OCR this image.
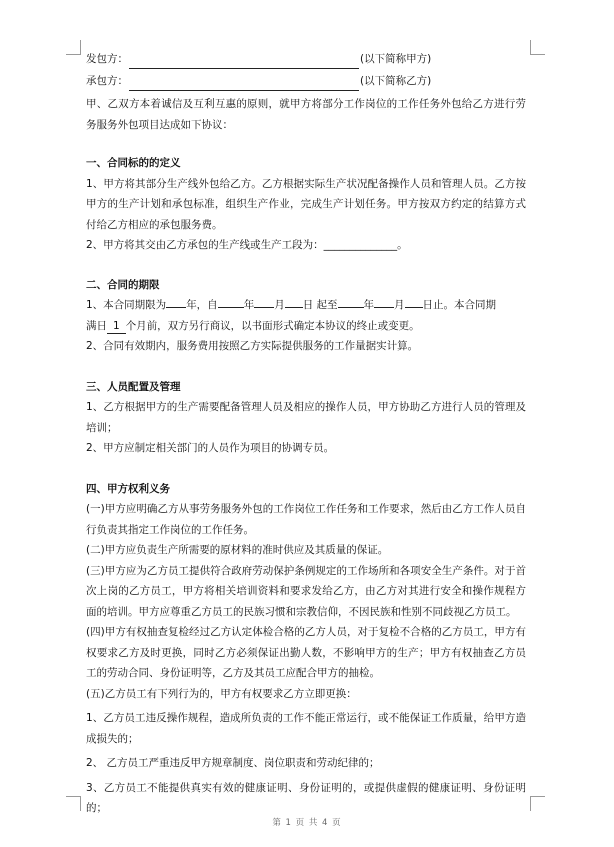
发包方：	(以下简称甲方)
承包方：	(以下简称乙方)
甲、乙双方本着诚信及互利互惠的原则，就甲方将部分工作岗位的工作任务外包给乙方进行劳务服务外包项目达成如下协议：
一、合同标的的定义
1、甲方将其部分生产线外包给乙方。乙方根据实际生产状况配备操作人员和管理人员。乙方按甲方的生产计划和承包标准，组织生产作业，完成生产计划任务。甲方按双方约定的结算方式付给乙方相应的承包服务费。
2、甲方将其交由乙方承包的生产线或生产工段为：______________。
二、合同的期限
1、本合同期限为 年，自 年 月 日 起至 年 月 日止。本合同期
满日 1 个月前，双方另行商议，以书面形式确定本协议的终止或变更。
2、合同有效期内，服务费用按照乙方实际提供服务的工作量据实计算。
三、人员配置及管理
1、乙方根据甲方的生产需要配备管理人员及相应的操作人员，甲方协助乙方进行人员的管理及培训；
2、甲方应制定相关部门的人员作为项目的协调专员。
四、甲方权利义务
(一)甲方应明确乙方从事劳务服务外包的工作岗位工作任务和工作要求，然后由乙方工作人员自行负责其指定工作岗位的工作任务。
(二)甲方应负责生产所需要的原材料的准时供应及其质量的保证。
(三)甲方应为乙方员工提供符合政府劳动保护条例规定的工作场所和各项安全生产条件。对于首次上岗的乙方员工，甲方将相关培训资料和要求发给乙方，由乙方对其进行安全和操作规程方面的培训。甲方应尊重乙方员工的民族习惯和宗教信仰，不因民族和性别不同歧视乙方员工。
(四)甲方有权抽查复检经过乙方认定体检合格的乙方人员，对于复检不合格的乙方员工，甲方有权要求乙方及时更换，同时乙方必须保证出勤人数，不影响甲方的生产；甲方有权抽查乙方员工的劳动合同、身份证明等，乙方及其员工应配合甲方的抽检。
(五)乙方员工有下列行为的，甲方有权要求乙方立即更换：
1、乙方员工违反操作规程，造成所负责的工作不能正常运行，或不能保证工作质量，给甲方造成损失的；
2、 乙方员工严重违反甲方规章制度、岗位职责和劳动纪律的；
3、乙方员工不能提供真实有效的健康证明、身份证明的，或提供虚假的健康证明、身份证明的；
第 1 页 共 4 页
